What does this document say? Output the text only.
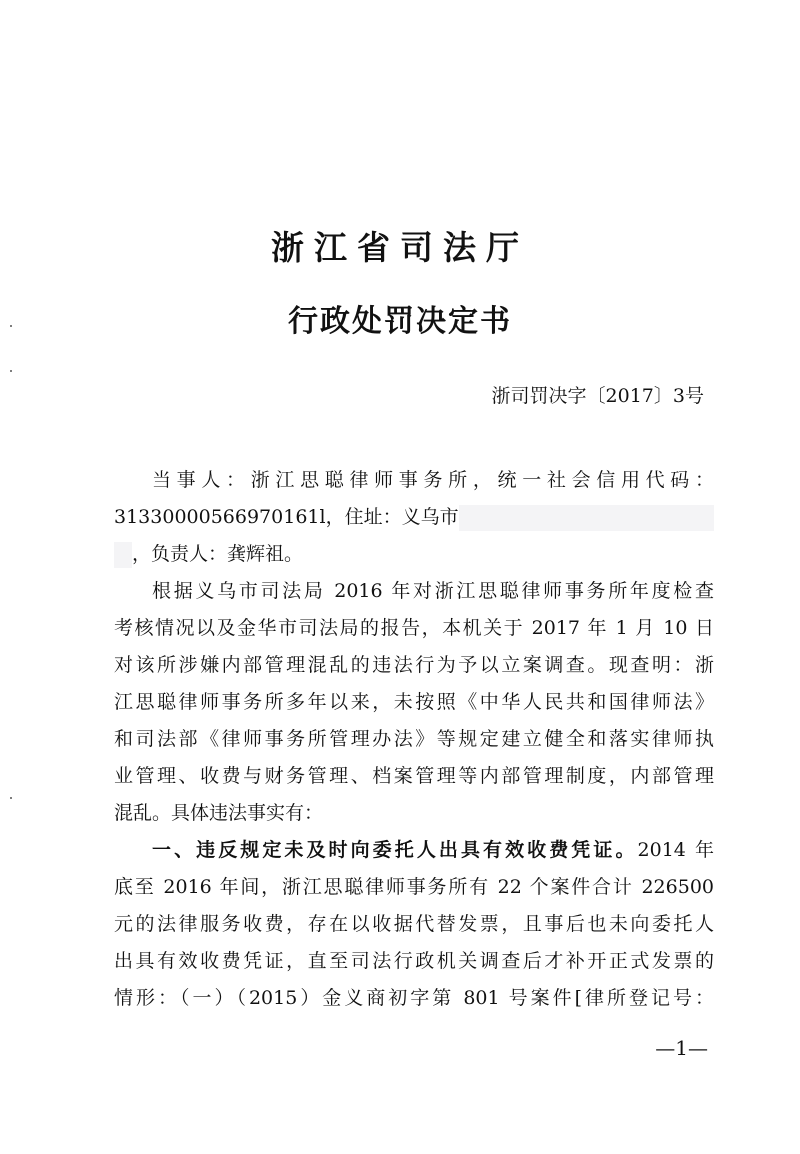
浙江省司法厅
行政处罚决定书
浙司罚决字〔2017〕3号
当事人：浙江思聪律师事务所，统一社会信用代码：
31330000566970161l，住址：义乌市
，负责人：龚辉祖。
根据义乌市司法局 2016 年对浙江思聪律师事务所年度检查
考核情况以及金华市司法局的报告，本机关于 2017 年 1 月 10 日
对该所涉嫌内部管理混乱的违法行为予以立案调查。现查明：浙
江思聪律师事务所多年以来，未按照《中华人民共和国律师法》
和司法部《律师事务所管理办法》等规定建立健全和落实律师执
业管理、收费与财务管理、档案管理等内部管理制度，内部管理
混乱。具体违法事实有：
一、违反规定未及时向委托人出具有效收费凭证。2014 年
底至 2016 年间，浙江思聪律师事务所有 22 个案件合计 226500
元的法律服务收费，存在以收据代替发票，且事后也未向委托人
出具有效收费凭证，直至司法行政机关调查后才补开正式发票的
情形：（一）（2015）金义商初字第 801 号案件[律所登记号：
—1—
